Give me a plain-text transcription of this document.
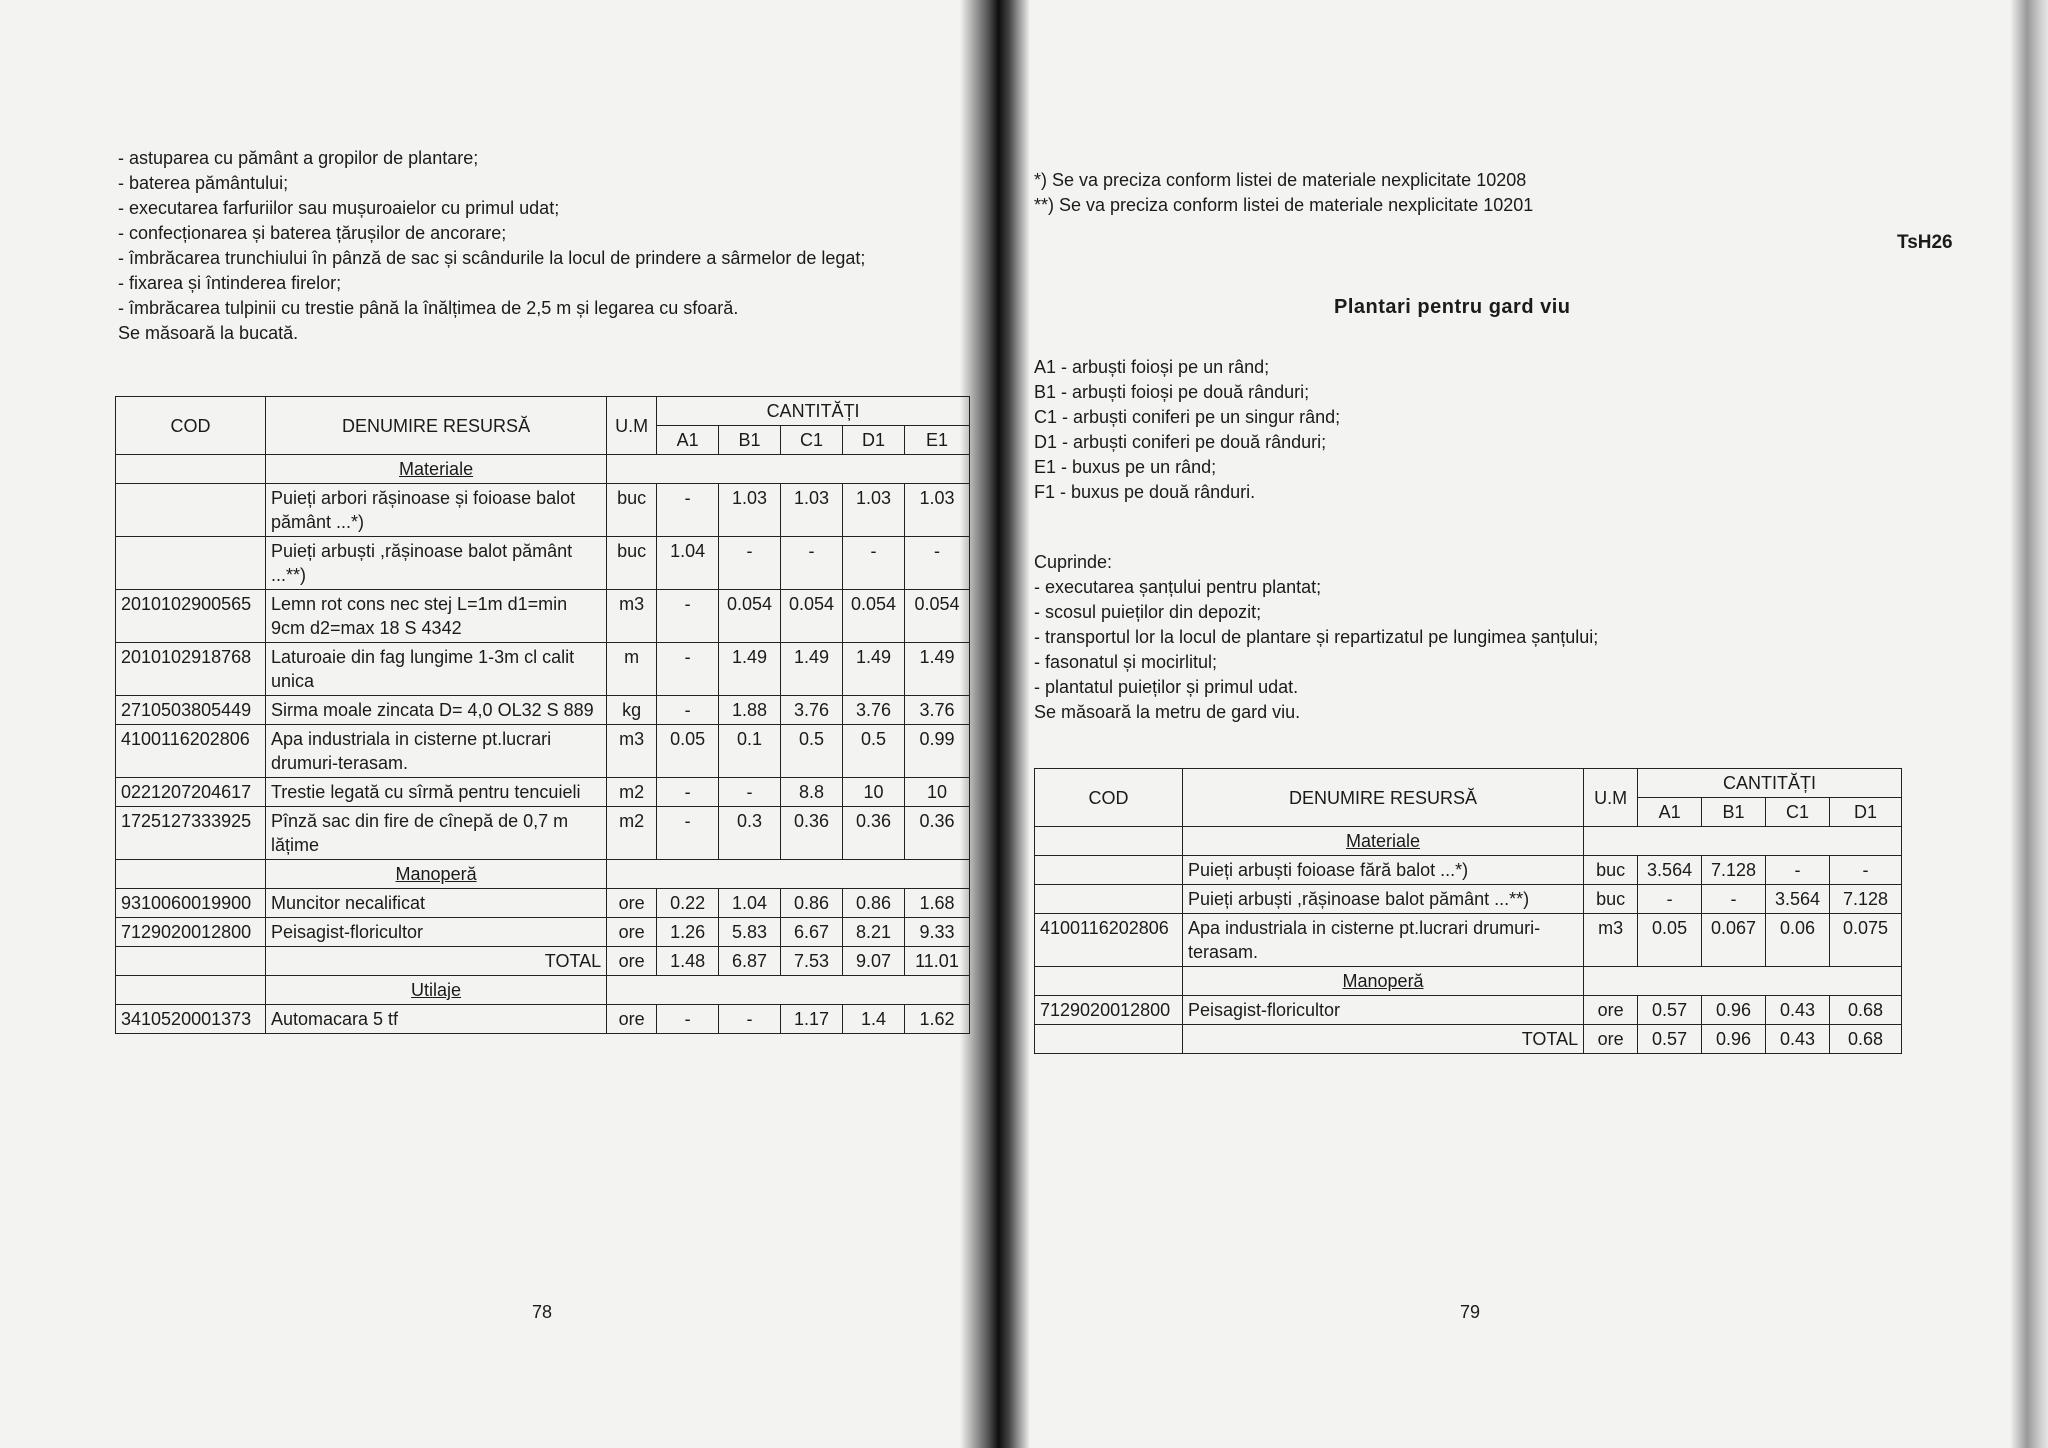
- astuparea cu pământ a gropilor de plantare;
- baterea pământului;
- executarea farfuriilor sau mușuroaielor cu primul udat;
- confecționarea și baterea țărușilor de ancorare;
- îmbrăcarea trunchiului în pânză de sac și scândurile la locul de prindere a sârmelor de legat;
- fixarea și întinderea firelor;
- îmbrăcarea tulpinii cu trestie până la înălțimea de 2,5 m și legarea cu sfoară.
Se măsoară la bucată.
COD	DENUMIRE RESURSĂ	U.M	CANTITĂȚI				
			A1	B1	C1	D1	E1
	Materiale						
	Puieți arbori rășinoase și foioase balot pământ ...*)	buc	-	1.03	1.03	1.03	1.03
	Puieți arbuști ,rășinoase balot pământ ...**)	buc	1.04	-	-	-	-
2010102900565	Lemn rot cons nec stej L=1m d1=min 9cm d2=max 18 S 4342	m3	-	0.054	0.054	0.054	0.054
2010102918768	Laturoaie din fag lungime 1-3m cl calit unica	m	-	1.49	1.49	1.49	1.49
2710503805449	Sirma moale zincata D= 4,0 OL32 S 889	kg	-	1.88	3.76	3.76	3.76
4100116202806	Apa industriala in cisterne pt.lucrari drumuri-terasam.	m3	0.05	0.1	0.5	0.5	0.99
0221207204617	Trestie legată cu sîrmă pentru tencuieli	m2	-	-	8.8	10	10
1725127333925	Pînză sac din fire de cînepă de 0,7 m lățime	m2	-	0.3	0.36	0.36	0.36
	Manoperă						
9310060019900	Muncitor necalificat	ore	0.22	1.04	0.86	0.86	1.68
7129020012800	Peisagist-floricultor	ore	1.26	5.83	6.67	8.21	9.33
	TOTAL	ore	1.48	6.87	7.53	9.07	11.01
	Utilaje						
3410520001373	Automacara 5 tf	ore	-	-	1.17	1.4	1.62
78
*) Se va preciza conform listei de materiale nexplicitate 10208
**) Se va preciza conform listei de materiale nexplicitate 10201
TsH26
Plantari pentru gard viu
A1 - arbuști foioși pe un rând;
B1 - arbuști foioși pe două rânduri;
C1 - arbuști coniferi pe un singur rând;
D1 - arbuști coniferi pe două rânduri;
E1 - buxus pe un rând;
F1 - buxus pe două rânduri.
Cuprinde:
- executarea șanțului pentru plantat;
- scosul puieților din depozit;
- transportul lor la locul de plantare și repartizatul pe lungimea șanțului;
- fasonatul și mocirlitul;
- plantatul puieților și primul udat.
Se măsoară la metru de gard viu.
COD	DENUMIRE RESURSĂ	U.M	CANTITĂȚI			
			A1	B1	C1	D1
	Materiale					
	Puieți arbuști foioase fără balot ...*)	buc	3.564	7.128	-	-
	Puieți arbuști ,rășinoase balot pământ ...**)	buc	-	-	3.564	7.128
4100116202806	Apa industriala in cisterne pt.lucrari drumuri-terasam.	m3	0.05	0.067	0.06	0.075
	Manoperă					
7129020012800	Peisagist-floricultor	ore	0.57	0.96	0.43	0.68
	TOTAL	ore	0.57	0.96	0.43	0.68
79
